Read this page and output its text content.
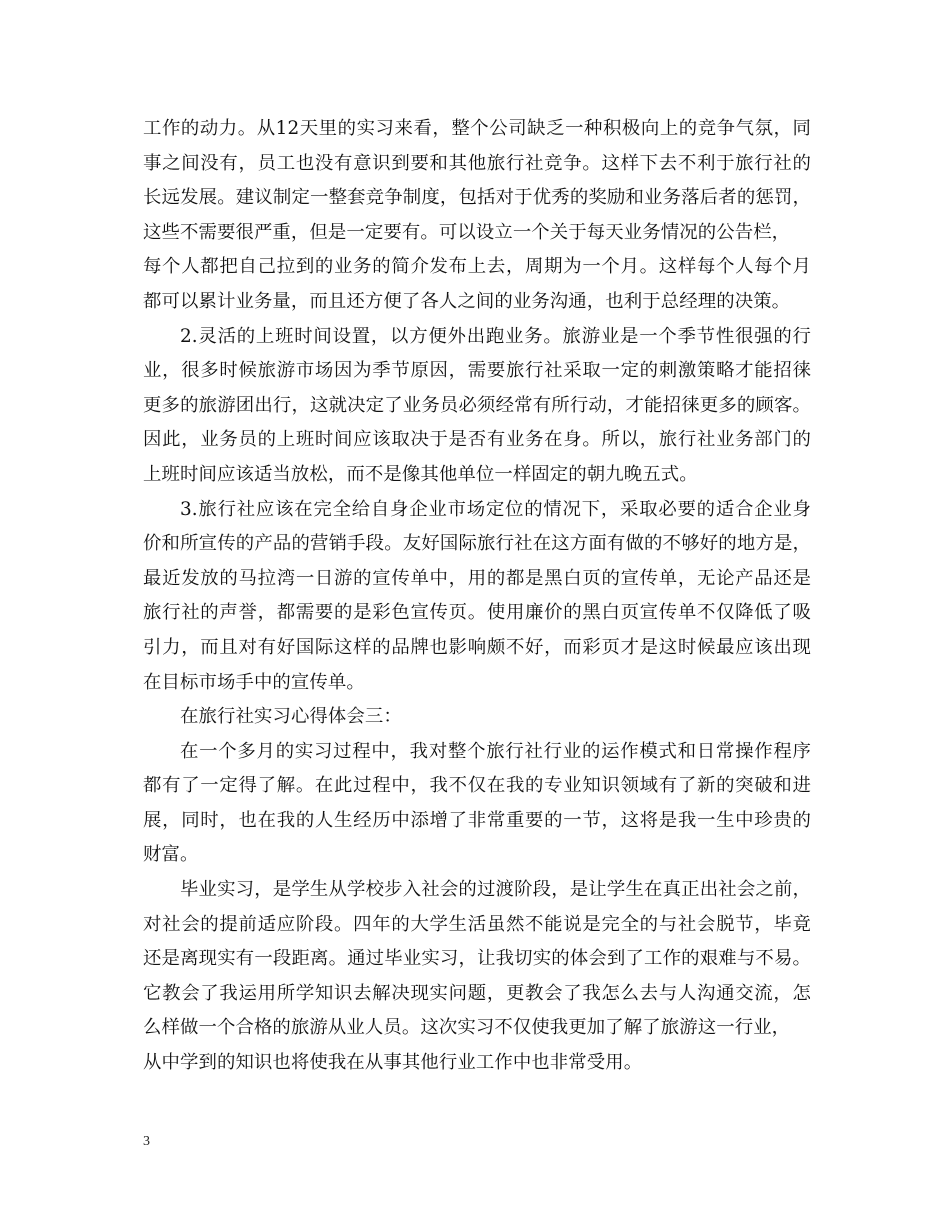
工作的动力。从12天里的实习来看，整个公司缺乏一种积极向上的竞争气氛，同
事之间没有，员工也没有意识到要和其他旅行社竞争。这样下去不利于旅行社的
长远发展。建议制定一整套竞争制度，包括对于优秀的奖励和业务落后者的惩罚，
这些不需要很严重，但是一定要有。可以设立一个关于每天业务情况的公告栏，
每个人都把自己拉到的业务的简介发布上去，周期为一个月。这样每个人每个月
都可以累计业务量，而且还方便了各人之间的业务沟通，也利于总经理的决策。
2.灵活的上班时间设置，以方便外出跑业务。旅游业是一个季节性很强的行
业，很多时候旅游市场因为季节原因，需要旅行社采取一定的刺激策略才能招徕
更多的旅游团出行，这就决定了业务员必须经常有所行动，才能招徕更多的顾客。
因此，业务员的上班时间应该取决于是否有业务在身。所以，旅行社业务部门的
上班时间应该适当放松，而不是像其他单位一样固定的朝九晚五式。
3.旅行社应该在完全给自身企业市场定位的情况下，采取必要的适合企业身
价和所宣传的产品的营销手段。友好国际旅行社在这方面有做的不够好的地方是，
最近发放的马拉湾一日游的宣传单中，用的都是黑白页的宣传单，无论产品还是
旅行社的声誉，都需要的是彩色宣传页。使用廉价的黑白页宣传单不仅降低了吸
引力，而且对有好国际这样的品牌也影响颇不好，而彩页才是这时候最应该出现
在目标市场手中的宣传单。
在旅行社实习心得体会三：
在一个多月的实习过程中，我对整个旅行社行业的运作模式和日常操作程序
都有了一定得了解。在此过程中，我不仅在我的专业知识领域有了新的突破和进
展，同时，也在我的人生经历中添增了非常重要的一节，这将是我一生中珍贵的
财富。
毕业实习，是学生从学校步入社会的过渡阶段，是让学生在真正出社会之前，
对社会的提前适应阶段。四年的大学生活虽然不能说是完全的与社会脱节，毕竟
还是离现实有一段距离。通过毕业实习，让我切实的体会到了工作的艰难与不易。
它教会了我运用所学知识去解决现实问题，更教会了我怎么去与人沟通交流，怎
么样做一个合格的旅游从业人员。这次实习不仅使我更加了解了旅游这一行业，
从中学到的知识也将使我在从事其他行业工作中也非常受用。
3
